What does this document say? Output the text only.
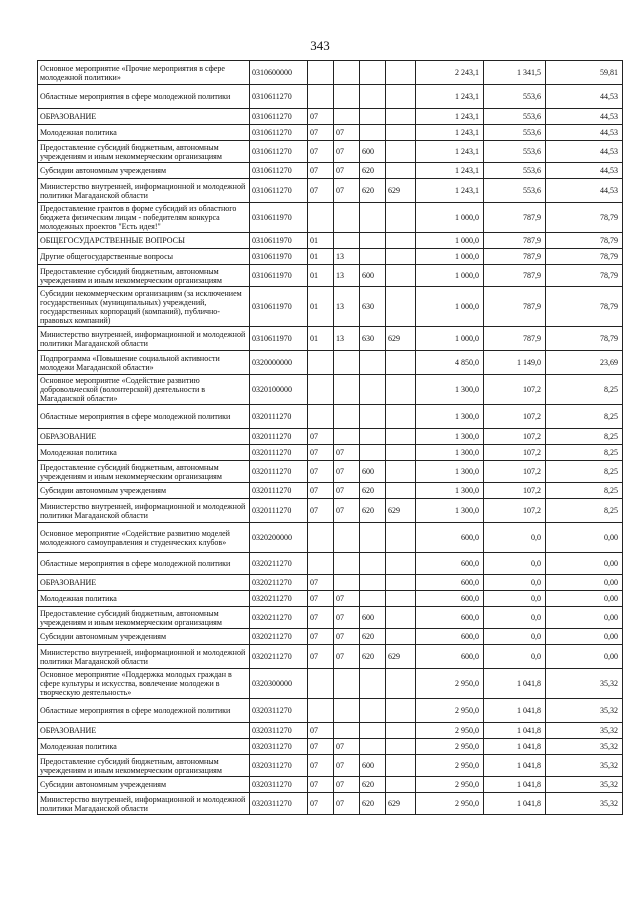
343
Основное мероприятие «Прочие мероприятия в сфере молодежной политики»	0310600000					2 243,1	1 341,5	59,81
Областные мероприятия в сфере молодежной политики	0310611270					1 243,1	553,6	44,53
ОБРАЗОВАНИЕ	0310611270	07				1 243,1	553,6	44,53
Молодежная политика	0310611270	07	07			1 243,1	553,6	44,53
Предоставление субсидий бюджетным, автономным учреждениям и иным некоммерческим организациям	0310611270	07	07	600		1 243,1	553,6	44,53
Субсидии автономным учреждениям	0310611270	07	07	620		1 243,1	553,6	44,53
Министерство внутренней, информационной и молодежной политики Магаданской области	0310611270	07	07	620	629	1 243,1	553,6	44,53
Предоставление грантов в форме субсидий из областного бюджета физическим лицам - победителям конкурса молодежных проектов "Есть идея!"	0310611970					1 000,0	787,9	78,79
ОБЩЕГОСУДАРСТВЕННЫЕ ВОПРОСЫ	0310611970	01				1 000,0	787,9	78,79
Другие общегосударственные вопросы	0310611970	01	13			1 000,0	787,9	78,79
Предоставление субсидий бюджетным, автономным учреждениям и иным некоммерческим организациям	0310611970	01	13	600		1 000,0	787,9	78,79
Субсидии некоммерческим организациям (за исключением государственных (муниципальных) учреждений, государственных корпораций (компаний), публично-правовых компаний)	0310611970	01	13	630		1 000,0	787,9	78,79
Министерство внутренней, информационной и молодежной политики Магаданской области	0310611970	01	13	630	629	1 000,0	787,9	78,79
Подпрограмма «Повышение социальной активности молодежи Магаданской области»	0320000000					4 850,0	1 149,0	23,69
Основное мероприятие «Содействие развитию добровольческой (волонтерской) деятельности в Магаданской области»	0320100000					1 300,0	107,2	8,25
Областные мероприятия в сфере молодежной политики	0320111270					1 300,0	107,2	8,25
ОБРАЗОВАНИЕ	0320111270	07				1 300,0	107,2	8,25
Молодежная политика	0320111270	07	07			1 300,0	107,2	8,25
Предоставление субсидий бюджетным, автономным учреждениям и иным некоммерческим организациям	0320111270	07	07	600		1 300,0	107,2	8,25
Субсидии автономным учреждениям	0320111270	07	07	620		1 300,0	107,2	8,25
Министерство внутренней, информационной и молодежной политики Магаданской области	0320111270	07	07	620	629	1 300,0	107,2	8,25
Основное мероприятие «Содействие развитию моделей молодежного самоуправления и студенческих клубов»	0320200000					600,0	0,0	0,00
Областные мероприятия в сфере молодежной политики	0320211270					600,0	0,0	0,00
ОБРАЗОВАНИЕ	0320211270	07				600,0	0,0	0,00
Молодежная политика	0320211270	07	07			600,0	0,0	0,00
Предоставление субсидий бюджетным, автономным учреждениям и иным некоммерческим организациям	0320211270	07	07	600		600,0	0,0	0,00
Субсидии автономным учреждениям	0320211270	07	07	620		600,0	0,0	0,00
Министерство внутренней, информационной и молодежной политики Магаданской области	0320211270	07	07	620	629	600,0	0,0	0,00
Основное мероприятие «Поддержка молодых граждан в сфере культуры и искусства, вовлечение молодежи в творческую деятельность»	0320300000					2 950,0	1 041,8	35,32
Областные мероприятия в сфере молодежной политики	0320311270					2 950,0	1 041,8	35,32
ОБРАЗОВАНИЕ	0320311270	07				2 950,0	1 041,8	35,32
Молодежная политика	0320311270	07	07			2 950,0	1 041,8	35,32
Предоставление субсидий бюджетным, автономным учреждениям и иным некоммерческим организациям	0320311270	07	07	600		2 950,0	1 041,8	35,32
Субсидии автономным учреждениям	0320311270	07	07	620		2 950,0	1 041,8	35,32
Министерство внутренней, информационной и молодежной политики Магаданской области	0320311270	07	07	620	629	2 950,0	1 041,8	35,32
